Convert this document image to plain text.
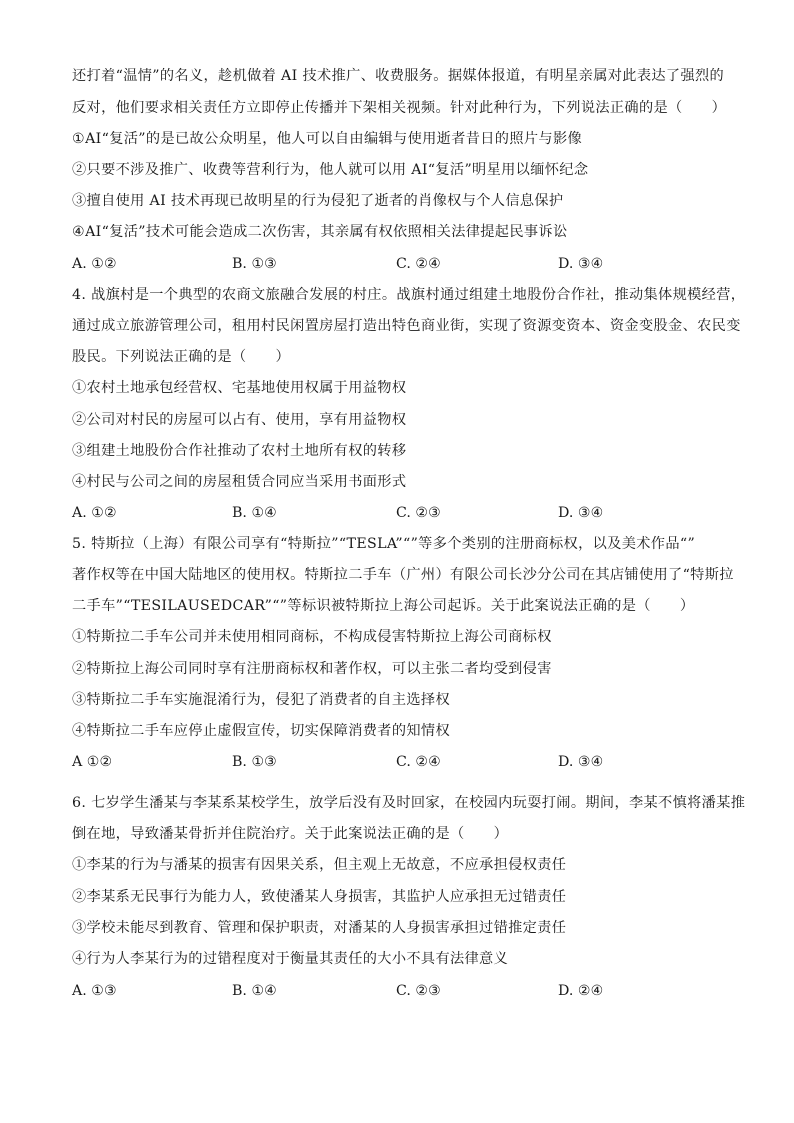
还打着“温情”的名义，趁机做着 AI 技术推广、收费服务。据媒体报道，有明星亲属对此表达了强烈的
反对，他们要求相关责任方立即停止传播并下架相关视频。针对此种行为，下列说法正确的是（　　）
①AI“复活”的是已故公众明星，他人可以自由编辑与使用逝者昔日的照片与影像
②只要不涉及推广、收费等营利行为，他人就可以用 AI“复活”明星用以缅怀纪念
③擅自使用 AI 技术再现已故明星的行为侵犯了逝者的肖像权与个人信息保护
④AI“复活”技术可能会造成二次伤害，其亲属有权依照相关法律提起民事诉讼
A. ①②	B. ①③	C. ②④	D. ③④
4. 战旗村是一个典型的农商文旅融合发展的村庄。战旗村通过组建土地股份合作社，推动集体规模经营，
通过成立旅游管理公司，租用村民闲置房屋打造出特色商业街，实现了资源变资本、资金变股金、农民变
股民。下列说法正确的是（　　）
①农村土地承包经营权、宅基地使用权属于用益物权
②公司对村民的房屋可以占有、使用，享有用益物权
③组建土地股份合作社推动了农村土地所有权的转移
④村民与公司之间的房屋租赁合同应当采用书面形式
A. ①②	B. ①④	C. ②③	D. ③④
5. 特斯拉（上海）有限公司享有“特斯拉”“TESLA”“”等多个类别的注册商标权，以及美术作品“”
著作权等在中国大陆地区的使用权。特斯拉二手车（广州）有限公司长沙分公司在其店铺使用了“特斯拉
二手车”“TESILAUSEDCAR”“”等标识被特斯拉上海公司起诉。关于此案说法正确的是（　　）
①特斯拉二手车公司并未使用相同商标，不构成侵害特斯拉上海公司商标权
②特斯拉上海公司同时享有注册商标权和著作权，可以主张二者均受到侵害
③特斯拉二手车实施混淆行为，侵犯了消费者的自主选择权
④特斯拉二手车应停止虚假宣传，切实保障消费者的知情权
A ①②	B. ①③	C. ②④	D. ③④
6. 七岁学生潘某与李某系某校学生，放学后没有及时回家，在校园内玩耍打闹。期间，李某不慎将潘某推
倒在地，导致潘某骨折并住院治疗。关于此案说法正确的是（　　）
①李某的行为与潘某的损害有因果关系，但主观上无故意，不应承担侵权责任
②李某系无民事行为能力人，致使潘某人身损害，其监护人应承担无过错责任
③学校未能尽到教育、管理和保护职责，对潘某的人身损害承担过错推定责任
④行为人李某行为的过错程度对于衡量其责任的大小不具有法律意义
A. ①③	B. ①④	C. ②③	D. ②④
